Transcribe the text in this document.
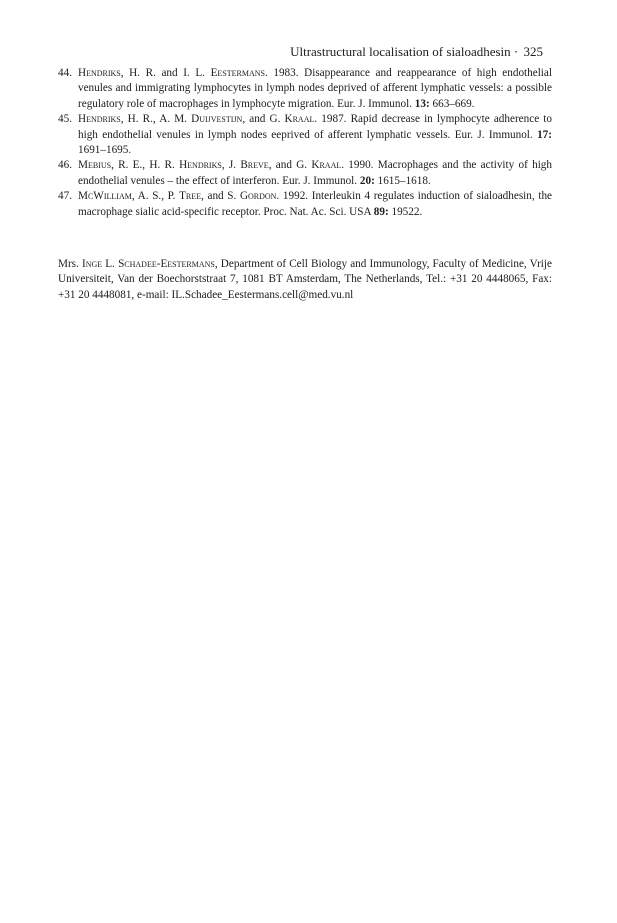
Ultrastructural localisation of sialoadhesin · 325
44. Hendriks, H. R. and I. L. Eestermans. 1983. Disappearance and reappearance of high endothelial venules and immigrating lymphocytes in lymph nodes deprived of afferent lymphatic vessels: a possible regulatory role of macrophages in lymphocyte migration. Eur. J. Immunol. 13: 663–669.
45. Hendriks, H. R., A. M. Duijvestijn, and G. Kraal. 1987. Rapid decrease in lymphocyte adherence to high endothelial venules in lymph nodes eeprived of afferent lymphatic vessels. Eur. J. Immunol. 17: 1691–1695.
46. Mebius, R. E., H. R. Hendriks, J. Breve, and G. Kraal. 1990. Macrophages and the activity of high endothelial venules – the effect of interferon. Eur. J. Immunol. 20: 1615–1618.
47. McWilliam, A. S., P. Tree, and S. Gordon. 1992. Interleukin 4 regulates induction of sialoadhesin, the macrophage sialic acid-specific receptor. Proc. Nat. Ac. Sci. USA 89: 19522.

Mrs. Inge L. Schadee-Eestermans, Department of Cell Biology and Immunology, Faculty of Medicine, Vrije Universiteit, Van der Boechorststraat 7, 1081 BT Amsterdam, The Netherlands, Tel.: +31 20 4448065, Fax: +31 20 4448081, e-mail: IL.Schadee_Eestermans.cell@med.vu.nl
